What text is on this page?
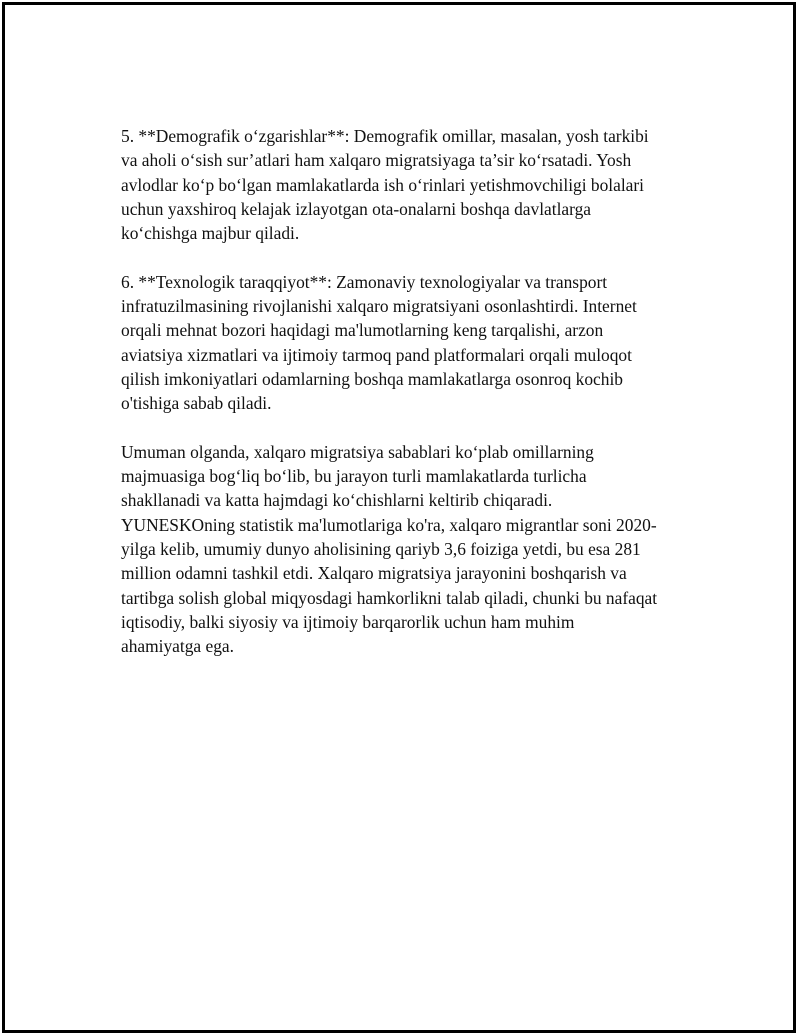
5. **Demografik o‘zgarishlar**: Demografik omillar, masalan, yosh tarkibi
va aholi o‘sish sur’atlari ham xalqaro migratsiyaga ta’sir ko‘rsatadi. Yosh
avlodlar ko‘p bo‘lgan mamlakatlarda ish o‘rinlari yetishmovchiligi bolalari
uchun yaxshiroq kelajak izlayotgan ota-onalarni boshqa davlatlarga
ko‘chishga majbur qiladi.

6. **Texnologik taraqqiyot**: Zamonaviy texnologiyalar va transport
infratuzilmasining rivojlanishi xalqaro migratsiyani osonlashtirdi. Internet
orqali mehnat bozori haqidagi ma'lumotlarning keng tarqalishi, arzon
aviatsiya xizmatlari va ijtimoiy tarmoq pand platformalari orqali muloqot
qilish imkoniyatlari odamlarning boshqa mamlakatlarga osonroq kochib
o'tishiga sabab qiladi.

Umuman olganda, xalqaro migratsiya sabablari ko‘plab omillarning
majmuasiga bog‘liq bo‘lib, bu jarayon turli mamlakatlarda turlicha
shakllanadi va katta hajmdagi ko‘chishlarni keltirib chiqaradi.
YUNESKOning statistik ma'lumotlariga ko'ra, xalqaro migrantlar soni 2020-
yilga kelib, umumiy dunyo aholisining qariyb 3,6 foiziga yetdi, bu esa 281
million odamni tashkil etdi. Xalqaro migratsiya jarayonini boshqarish va
tartibga solish global miqyosdagi hamkorlikni talab qiladi, chunki bu nafaqat
iqtisodiy, balki siyosiy va ijtimoiy barqarorlik uchun ham muhim
ahamiyatga ega.
